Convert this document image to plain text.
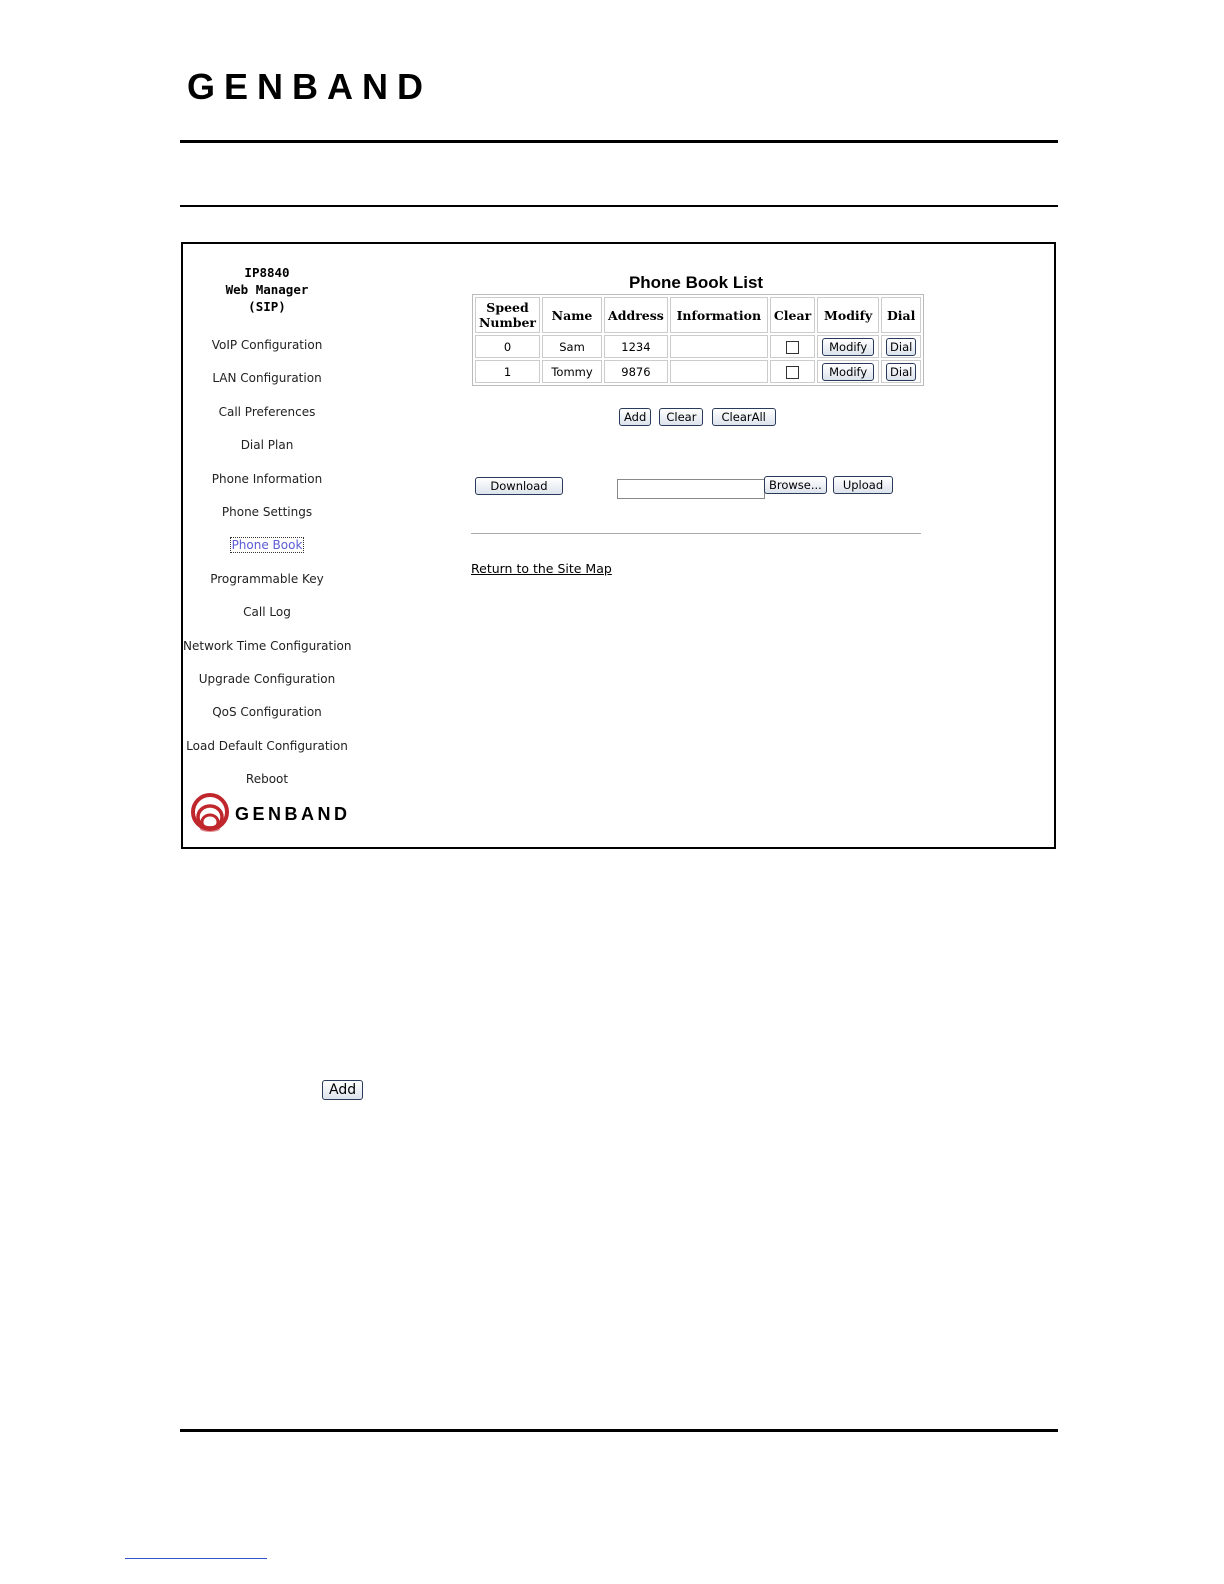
GENBAND
IP8840
Web Manager
(SIP)
VoIP Configuration
LAN Configuration
Call Preferences
Dial Plan
Phone Information
Phone Settings
Phone Book
Programmable Key
Call Log
Network Time Configuration
Upgrade Configuration
QoS Configuration
Load Default Configuration
Reboot
GENBAND
Phone Book List
Speed Number	Name	Address	Information	Clear	Modify	Dial
0	Sam	1234			Modify	Dial
1	Tommy	9876			Modify	Dial
Add Clear ClearAll
Download	Browse...	Upload
Return to the Site Map
Add
